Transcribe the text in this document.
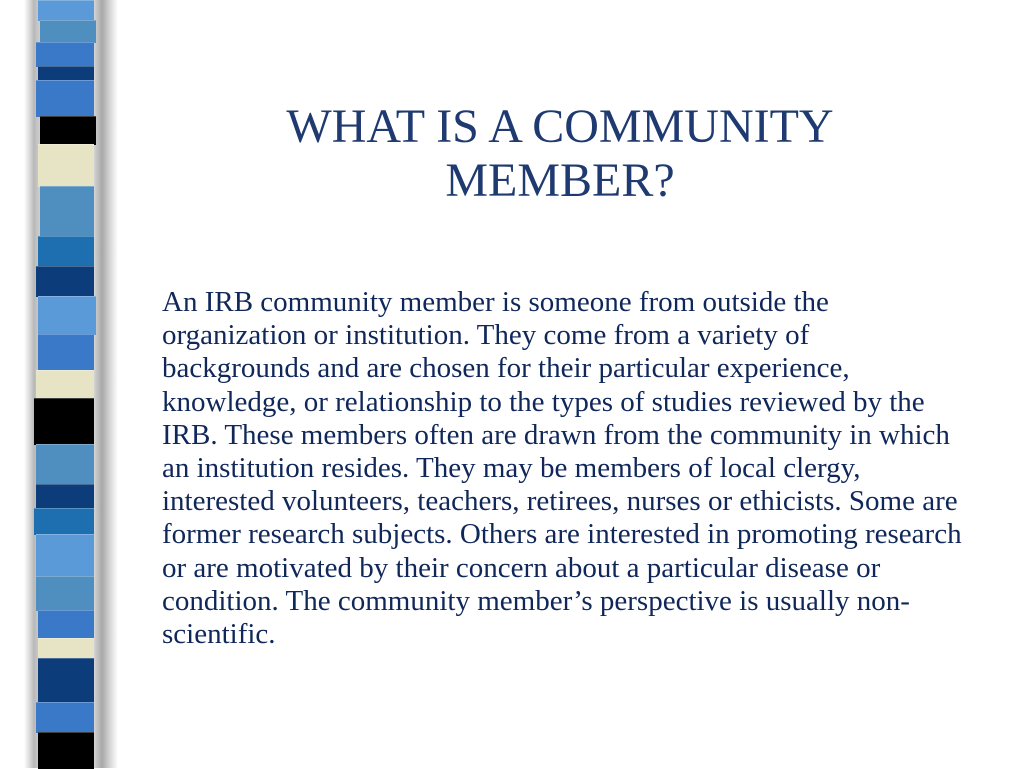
WHAT IS A COMMUNITY
MEMBER?

An IRB community member is someone from outside the organization or institution. They come from a variety of backgrounds and are chosen for their particular experience, knowledge, or relationship to the types of studies reviewed by the IRB. These members often are drawn from the community in which an institution resides. They may be members of local clergy, interested volunteers, teachers, retirees, nurses or ethicists. Some are former research subjects. Others are interested in promoting research or are motivated by their concern about a particular disease or condition. The community member’s perspective is usually non-scientific.
